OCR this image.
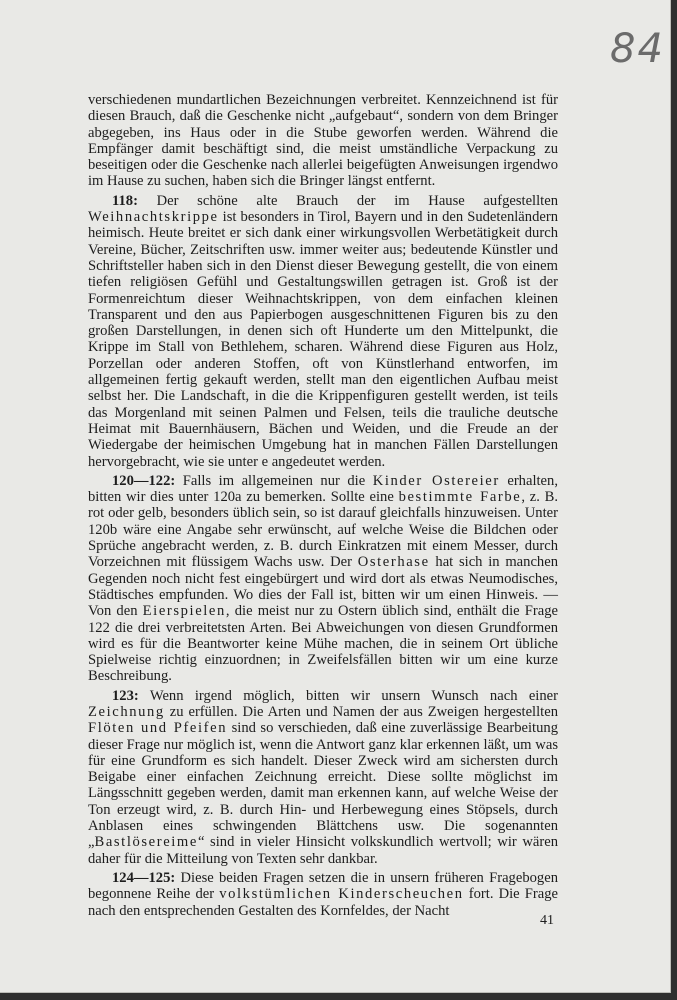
84

verschiedenen mundartlichen Bezeichnungen verbreitet. Kennzeichnend ist für diesen Brauch, daß die Geschenke nicht „aufgebaut“, sondern von dem Bringer abgegeben, ins Haus oder in die Stube geworfen werden. Während die Empfänger damit beschäftigt sind, die meist umständliche Verpackung zu beseitigen oder die Geschenke nach allerlei beigefügten Anweisungen irgendwo im Hause zu suchen, haben sich die Bringer längst entfernt.

118: Der schöne alte Brauch der im Hause aufgestellten Weihnachtskrippe ist besonders in Tirol, Bayern und in den Sudetenländern heimisch. Heute breitet er sich dank einer wirkungsvollen Werbetätigkeit durch Vereine, Bücher, Zeitschriften usw. immer weiter aus; bedeutende Künstler und Schriftsteller haben sich in den Dienst dieser Bewegung gestellt, die von einem tiefen religiösen Gefühl und Gestaltungswillen getragen ist. Groß ist der Formenreichtum dieser Weihnachtskrippen, von dem einfachen kleinen Transparent und den aus Papierbogen ausgeschnittenen Figuren bis zu den großen Darstellungen, in denen sich oft Hunderte um den Mittelpunkt, die Krippe im Stall von Bethlehem, scharen. Während diese Figuren aus Holz, Porzellan oder anderen Stoffen, oft von Künstlerhand entworfen, im allgemeinen fertig gekauft werden, stellt man den eigentlichen Aufbau meist selbst her. Die Landschaft, in die die Krippenfiguren gestellt werden, ist teils das Morgenland mit seinen Palmen und Felsen, teils die trauliche deutsche Heimat mit Bauernhäusern, Bächen und Weiden, und die Freude an der Wiedergabe der heimischen Umgebung hat in manchen Fällen Darstellungen hervorgebracht, wie sie unter e angedeutet werden.

120—122: Falls im allgemeinen nur die Kinder Ostereier erhalten, bitten wir dies unter 120a zu bemerken. Sollte eine bestimmte Farbe, z. B. rot oder gelb, besonders üblich sein, so ist darauf gleichfalls hinzuweisen. Unter 120b wäre eine Angabe sehr erwünscht, auf welche Weise die Bildchen oder Sprüche angebracht werden, z. B. durch Einkratzen mit einem Messer, durch Vorzeichnen mit flüssigem Wachs usw. Der Osterhase hat sich in manchen Gegenden noch nicht fest eingebürgert und wird dort als etwas Neumodisches, Städtisches empfunden. Wo dies der Fall ist, bitten wir um einen Hinweis. — Von den Eierspielen, die meist nur zu Ostern üblich sind, enthält die Frage 122 die drei verbreitetsten Arten. Bei Abweichungen von diesen Grundformen wird es für die Beantworter keine Mühe machen, die in seinem Ort übliche Spielweise richtig einzuordnen; in Zweifelsfällen bitten wir um eine kurze Beschreibung.

123: Wenn irgend möglich, bitten wir unsern Wunsch nach einer Zeichnung zu erfüllen. Die Arten und Namen der aus Zweigen hergestellten Flöten und Pfeifen sind so verschieden, daß eine zuverlässige Bearbeitung dieser Frage nur möglich ist, wenn die Antwort ganz klar erkennen läßt, um was für eine Grundform es sich handelt. Dieser Zweck wird am sichersten durch Beigabe einer einfachen Zeichnung erreicht. Diese sollte möglichst im Längsschnitt gegeben werden, damit man erkennen kann, auf welche Weise der Ton erzeugt wird, z. B. durch Hin- und Herbewegung eines Stöpsels, durch Anblasen eines schwingenden Blättchens usw. Die sogenannten „Bastlösereime“ sind in vieler Hinsicht volkskundlich wertvoll; wir wären daher für die Mitteilung von Texten sehr dankbar.

124—125: Diese beiden Fragen setzen die in unsern früheren Fragebogen begonnene Reihe der volkstümlichen Kinderscheuchen fort. Die Frage nach den entsprechenden Gestalten des Kornfeldes, der Nacht

41
